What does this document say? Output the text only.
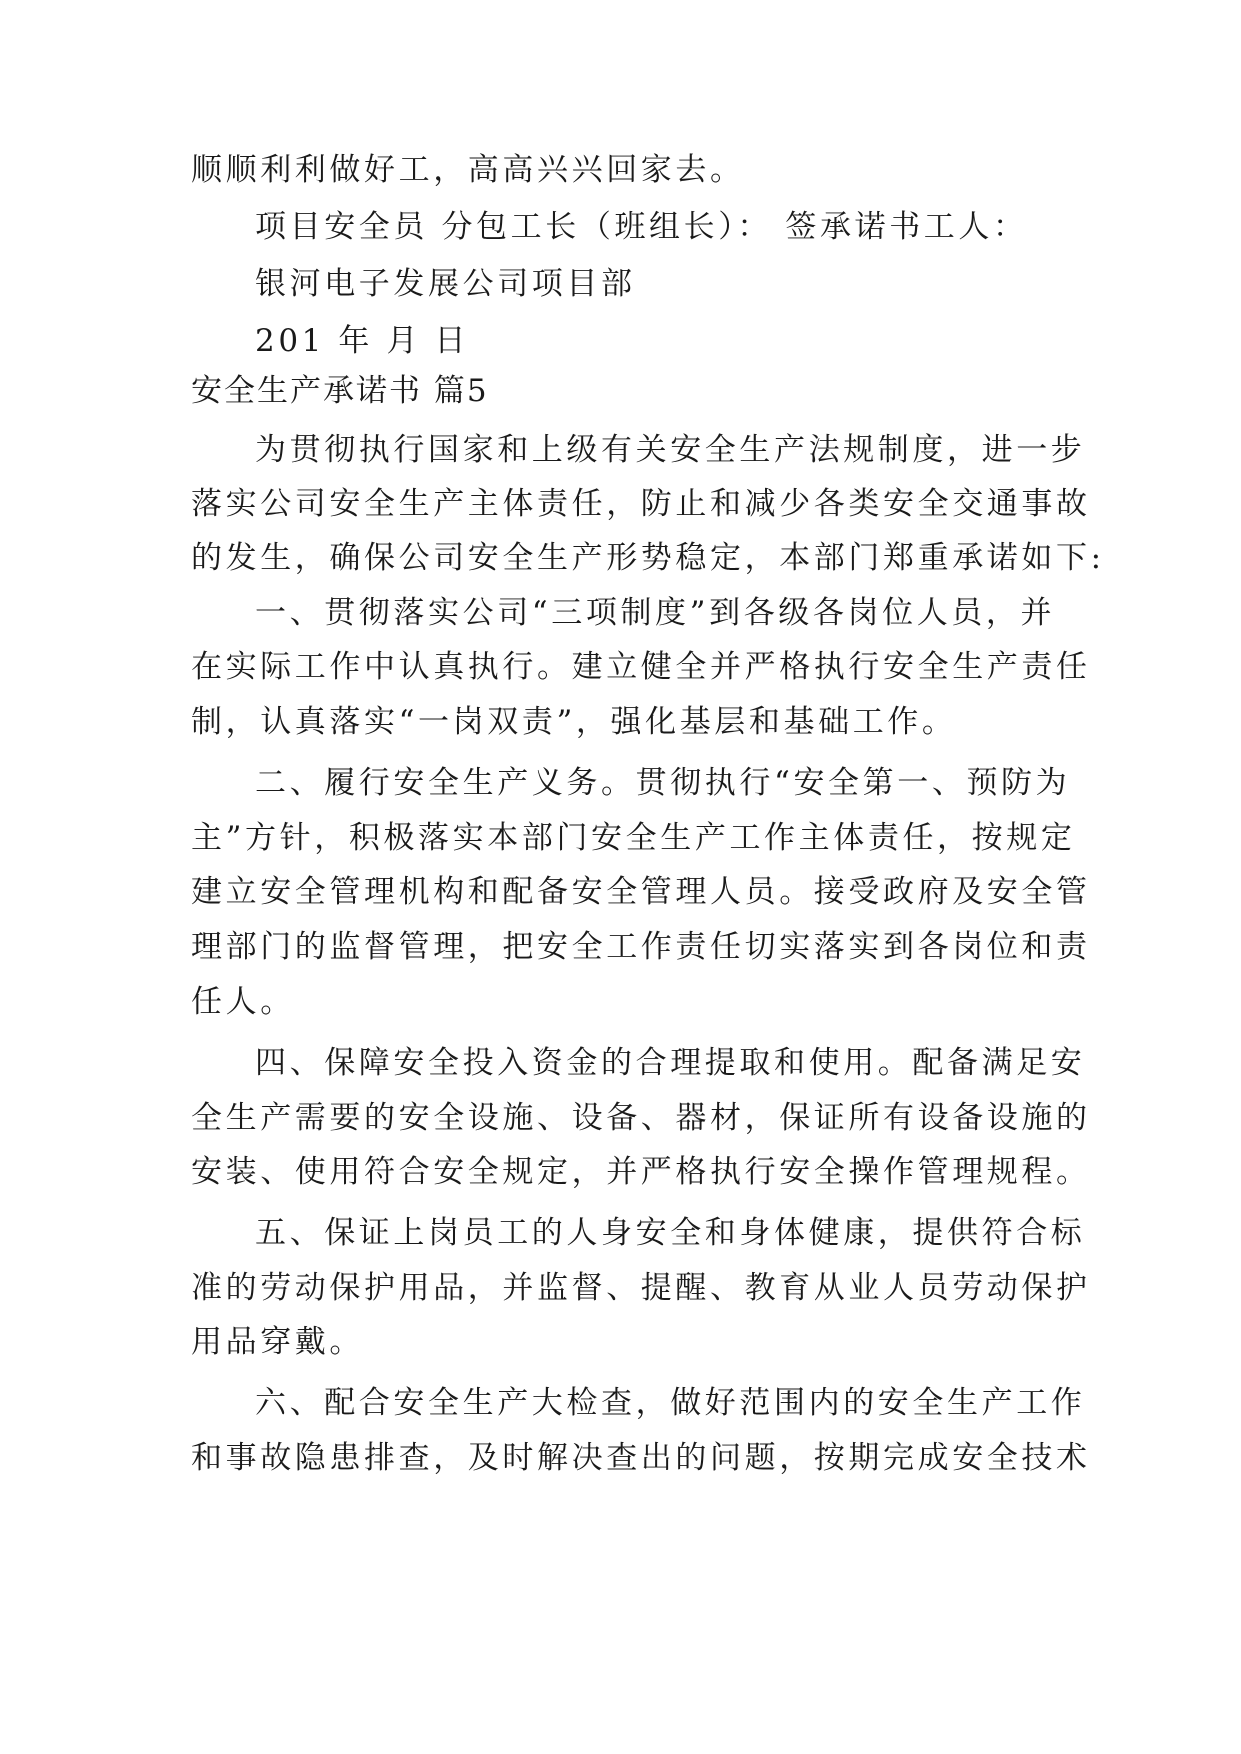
顺顺利利做好工，高高兴兴回家去。
项目安全员 分包工长（班组长）： 签承诺书工人：
银河电子发展公司项目部
201 年 月 日
安全生产承诺书 篇5
为贯彻执行国家和上级有关安全生产法规制度，进一步
落实公司安全生产主体责任，防止和减少各类安全交通事故
的发生，确保公司安全生产形势稳定，本部门郑重承诺如下:
一、贯彻落实公司“三项制度”到各级各岗位人员，并
在实际工作中认真执行。建立健全并严格执行安全生产责任
制，认真落实“一岗双责”，强化基层和基础工作。
二、履行安全生产义务。贯彻执行“安全第一、预防为
主”方针，积极落实本部门安全生产工作主体责任，按规定
建立安全管理机构和配备安全管理人员。接受政府及安全管
理部门的监督管理，把安全工作责任切实落实到各岗位和责
任人。
四、保障安全投入资金的合理提取和使用。配备满足安
全生产需要的安全设施、设备、器材，保证所有设备设施的
安装、使用符合安全规定，并严格执行安全操作管理规程。
五、保证上岗员工的人身安全和身体健康，提供符合标
准的劳动保护用品，并监督、提醒、教育从业人员劳动保护
用品穿戴。
六、配合安全生产大检查，做好范围内的安全生产工作
和事故隐患排查，及时解决查出的问题，按期完成安全技术
